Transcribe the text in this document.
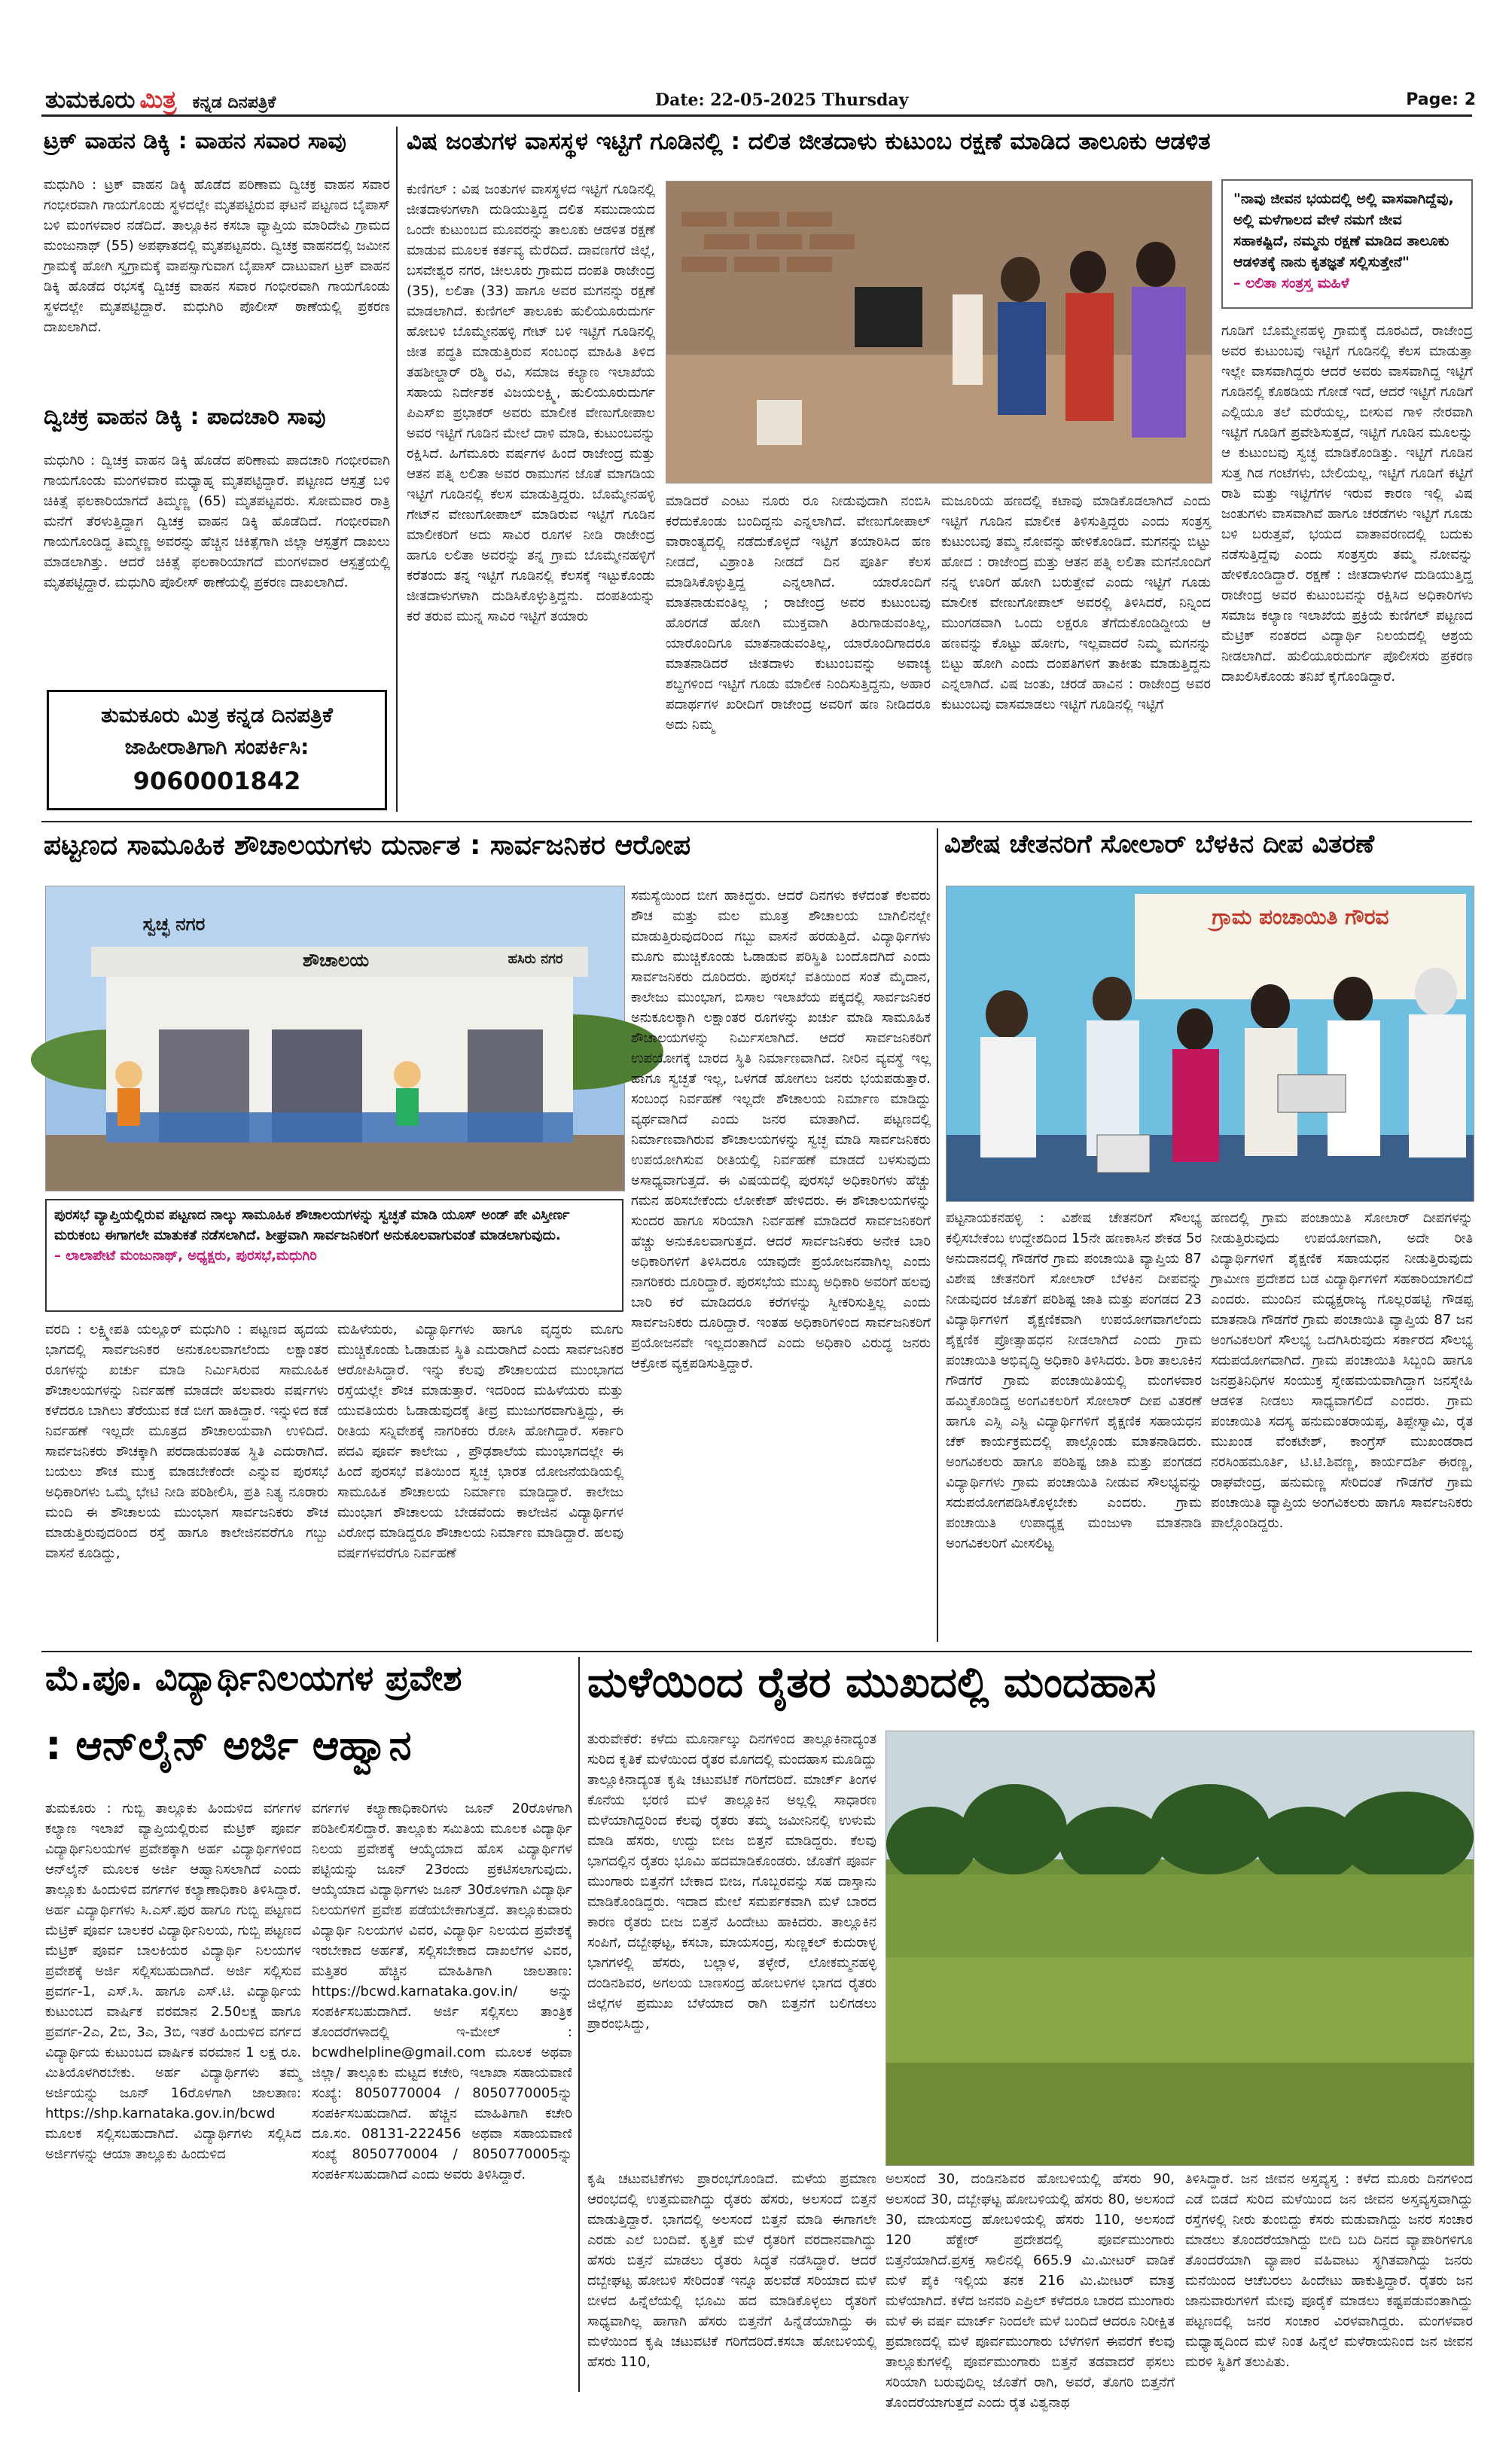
ತುಮಕೂರು ಮಿತ್ರ ಕನ್ನಡ ದಿನಪತ್ರಿಕೆ	Date: 22-05-2025 Thursday	Page: 2
ಟ್ರಕ್ ವಾಹನ ಡಿಕ್ಕಿ : ವಾಹನ ಸವಾರ ಸಾವು
ಮಧುಗಿರಿ : ಟ್ರಕ್ ವಾಹನ ಡಿಕ್ಕಿ ಹೊಡೆದ ಪರಿಣಾಮ ದ್ವಿಚಕ್ರ ವಾಹನ ಸವಾರ ಗಂಭೀರವಾಗಿ ಗಾಯಗೊಂಡು ಸ್ಥಳದಲ್ಲೇ ಮೃತಪಟ್ಟಿರುವ ಘಟನೆ ಪಟ್ಟಣದ ಬೈಪಾಸ್ ಬಳಿ ಮಂಗಳವಾರ ನಡೆದಿದೆ. ತಾಲ್ಲೂಕಿನ ಕಸಬಾ ವ್ಯಾಪ್ತಿಯ ಮಾರಿದೇವಿ ಗ್ರಾಮದ ಮಂಜುನಾಥ್ (55) ಅಪಘಾತದಲ್ಲಿ ಮೃತಪಟ್ಟವರು. ದ್ವಿಚಕ್ರ ವಾಹನದಲ್ಲಿ ಜಮೀನ ಗ್ರಾಮಕ್ಕೆ ಹೋಗಿ ಸ್ವಗ್ರಾಮಕ್ಕೆ ವಾಪಸ್ಸಾಗುವಾಗ ಬೈಪಾಸ್ ದಾಟುವಾಗ ಟ್ರಕ್ ವಾಹನ ಡಿಕ್ಕಿ ಹೊಡೆದ ರಭಸಕ್ಕೆ ದ್ವಿಚಕ್ರ ವಾಹನ ಸವಾರ ಗಂಭೀರವಾಗಿ ಗಾಯಗೊಂಡು ಸ್ಥಳದಲ್ಲೇ ಮೃತಪಟ್ಟಿದ್ದಾರೆ. ಮಧುಗಿರಿ ಪೊಲೀಸ್ ಠಾಣೆಯಲ್ಲಿ ಪ್ರಕರಣ ದಾಖಲಾಗಿದೆ.
ದ್ವಿಚಕ್ರ ವಾಹನ ಡಿಕ್ಕಿ : ಪಾದಚಾರಿ ಸಾವು
ಮಧುಗಿರಿ : ದ್ವಿಚಕ್ರ ವಾಹನ ಡಿಕ್ಕಿ ಹೊಡೆದ ಪರಿಣಾಮ ಪಾದಚಾರಿ ಗಂಭೀರವಾಗಿ ಗಾಯಗೊಂಡು ಮಂಗಳವಾರ ಮಧ್ಯಾಹ್ನ ಮೃತಪಟ್ಟಿದ್ದಾರೆ. ಪಟ್ಟಣದ ಆಸ್ಪತ್ರೆ ಬಳಿ ಚಿಕಿತ್ಸೆ ಫಲಕಾರಿಯಾಗದೆ ತಿಮ್ಮಣ್ಣ (65) ಮೃತಪಟ್ಟವರು. ಸೋಮವಾರ ರಾತ್ರಿ ಮನೆಗೆ ತೆರಳುತ್ತಿದ್ದಾಗ ದ್ವಿಚಕ್ರ ವಾಹನ ಡಿಕ್ಕಿ ಹೊಡೆದಿದೆ. ಗಂಭೀರವಾಗಿ ಗಾಯಗೊಂಡಿದ್ದ ತಿಮ್ಮಣ್ಣ ಅವರನ್ನು ಹೆಚ್ಚಿನ ಚಿಕಿತ್ಸೆಗಾಗಿ ಜಿಲ್ಲಾ ಆಸ್ಪತ್ರೆಗೆ ದಾಖಲು ಮಾಡಲಾಗಿತ್ತು. ಆದರೆ ಚಿಕಿತ್ಸೆ ಫಲಕಾರಿಯಾಗದೆ ಮಂಗಳವಾರ ಆಸ್ಪತ್ರೆಯಲ್ಲಿ ಮೃತಪಟ್ಟಿದ್ದಾರೆ. ಮಧುಗಿರಿ ಪೊಲೀಸ್ ಠಾಣೆಯಲ್ಲಿ ಪ್ರಕರಣ ದಾಖಲಾಗಿದೆ.
ತುಮಕೂರು ಮಿತ್ರ ಕನ್ನಡ ದಿನಪತ್ರಿಕೆ
ಜಾಹೀರಾತಿಗಾಗಿ ಸಂಪರ್ಕಿಸಿ:
9060001842
ವಿಷ ಜಂತುಗಳ ವಾಸಸ್ಥಳ ಇಟ್ಟಿಗೆ ಗೂಡಿನಲ್ಲಿ : ದಲಿತ ಜೀತದಾಳು ಕುಟುಂಬ ರಕ್ಷಣೆ ಮಾಡಿದ ತಾಲೂಕು ಆಡಳಿತ
ಕುಣಿಗಲ್ : ವಿಷ ಜಂತುಗಳ ವಾಸಸ್ಥಳದ ಇಟ್ಟಿಗೆ ಗೂಡಿನಲ್ಲಿ ಜೀತದಾಳುಗಳಾಗಿ ದುಡಿಯುತ್ತಿದ್ದ ದಲಿತ ಸಮುದಾಯದ ಒಂದೇ ಕುಟುಂಬದ ಮೂವರನ್ನು ತಾಲೂಕು ಆಡಳಿತ ರಕ್ಷಣೆ ಮಾಡುವ ಮೂಲಕ ಕರ್ತವ್ಯ ಮೆರೆದಿದೆ. ದಾವಣಗೆರೆ ಜಿಲ್ಲೆ, ಬಸವೇಶ್ವರ ನಗರ, ಚೀಲೂರು ಗ್ರಾಮದ ದಂಪತಿ ರಾಜೇಂದ್ರ (35), ಲಲಿತಾ (33) ಹಾಗೂ ಅವರ ಮಗನನ್ನು ರಕ್ಷಣೆ ಮಾಡಲಾಗಿದೆ. ಕುಣಿಗಲ್ ತಾಲೂಕು ಹುಲಿಯೂರುದುರ್ಗ ಹೋಬಳಿ ಬೊಮ್ಮೇನಹಳ್ಳಿ ಗೇಟ್ ಬಳಿ ಇಟ್ಟಿಗೆ ಗೂಡಿನಲ್ಲಿ ಜೀತ ಪದ್ಧತಿ ಮಾಡುತ್ತಿರುವ ಸಂಬಂಧ ಮಾಹಿತಿ ತಿಳಿದ ತಹಶೀಲ್ದಾರ್ ರಶ್ಮಿ ರವಿ, ಸಮಾಜ ಕಲ್ಯಾಣ ಇಲಾಖೆಯ ಸಹಾಯ ನಿರ್ದೇಶಕ ವಿಜಯಲಕ್ಷ್ಮಿ, ಹುಲಿಯೂರುದುರ್ಗ ಪಿಎಸ್‌ಐ ಪ್ರಭಾಕರ್ ಅವರು ಮಾಲೀಕ ವೇಣುಗೋಪಾಲ ಅವರ ಇಟ್ಟಿಗೆ ಗೂಡಿನ ಮೇಲೆ ದಾಳಿ ಮಾಡಿ, ಕುಟುಂಬವನ್ನು ರಕ್ಷಿಸಿದೆ. ಹಿಗೆಮೂರು ವರ್ಷಗಳ ಹಿಂದೆ ರಾಜೇಂದ್ರ ಮತ್ತು ಆತನ ಪತ್ನಿ ಲಲಿತಾ ಅವರ ರಾಮುಗನ ಜೊತೆ ಮಾಗಡಿಯ ಇಟ್ಟಿಗೆ ಗೂಡಿನಲ್ಲಿ ಕೆಲಸ ಮಾಡುತ್ತಿದ್ದರು. ಬೊಮ್ಮೇನಹಳ್ಳಿ ಗೇಟ್‌ನ ವೇಣುಗೋಪಾಲ್ ಮಾಡಿರುವ ಇಟ್ಟಿಗೆ ಗೂಡಿನ ಮಾಲೀಕರಿಗೆ ಅದು ಸಾವಿರ ರೂಗಳ ನೀಡಿ ರಾಜೇಂದ್ರ ಹಾಗೂ ಲಲಿತಾ ಅವರನ್ನು ತನ್ನ ಗ್ರಾಮ ಬೊಮ್ಮೇನಹಳ್ಳಿಗೆ ಕರೆತಂದು ತನ್ನ ಇಟ್ಟಿಗೆ ಗೂಡಿನಲ್ಲಿ ಕೆಲಸಕ್ಕೆ ಇಟ್ಟುಕೊಂಡು ಜೀತದಾಳುಗಳಾಗಿ ದುಡಿಸಿಕೊಳ್ಳುತ್ತಿದ್ದನು. ದಂಪತಿಯನ್ನು ಕರೆ ತರುವ ಮುನ್ನ ಸಾವಿರ ಇಟ್ಟಿಗೆ ತಯಾರು
"ನಾವು ಜೀವನ ಭಯದಲ್ಲಿ ಅಲ್ಲಿ ವಾಸವಾಗಿದ್ದೆವು, ಅಲ್ಲಿ ಮಳೆಗಾಲದ ವೇಳೆ ನಮಗೆ ಜೀವ ಸಹಾಕಷ್ಟಿದೆ, ನಮ್ಮನು ರಕ್ಷಣೆ ಮಾಡಿದ ತಾಲೂಕು ಆಡಳಿತಕ್ಕೆ ನಾನು ಕೃತಜ್ಞತೆ ಸಲ್ಲಿಸುತ್ತೇನೆ"
– ಲಲಿತಾ ಸಂತ್ರಸ್ತ ಮಹಿಳೆ
ಮಾಡಿದರೆ ಎಂಟು ನೂರು ರೂ ನೀಡುವುದಾಗಿ ನಂಬಿಸಿ ಕರೆದುಕೊಂಡು ಬಂದಿದ್ದನು ಎನ್ನಲಾಗಿದೆ. ವೇಣುಗೋಪಾಲ್ ವಾರಾಂತ್ಯದಲ್ಲಿ ನಡೆದುಕೊಳ್ಳದೆ ಇಟ್ಟಿಗೆ ತಯಾರಿಸಿದ ಹಣ ನೀಡದೆ, ವಿಶ್ರಾಂತಿ ನೀಡದೆ ದಿನ ಪೂರ್ತಿ ಕೆಲಸ ಮಾಡಿಸಿಕೊಳ್ಳುತ್ತಿದ್ದ ಎನ್ನಲಾಗಿದೆ. ಯಾರೊಂದಿಗೆ ಮಾತನಾಡುವಂತಿಲ್ಲ ; ರಾಜೇಂದ್ರ ಅವರ ಕುಟುಂಬವು ಹೊರಗಡೆ ಹೋಗಿ ಮುಕ್ತವಾಗಿ ತಿರುಗಾಡುವಂತಿಲ್ಲ, ಯಾರೊಂದಿಗೂ ಮಾತನಾಡುವಂತಿಲ್ಲ, ಯಾರೊಂದಿಗಾದರೂ ಮಾತನಾಡಿದರೆ ಜೀತದಾಳು ಕುಟುಂಬವನ್ನು ಅವಾಚ್ಯ ಶಬ್ದಗಳಿಂದ ಇಟ್ಟಿಗೆ ಗೂಡು ಮಾಲೀಕ ನಿಂದಿಸುತ್ತಿದ್ದನು, ಅಹಾರ ಪದಾರ್ಥಗಳ ಖರೀದಿಗೆ ರಾಜೇಂದ್ರ ಅವರಿಗೆ ಹಣ ನೀಡಿದರೂ ಅದು ನಿಮ್ಮ
ಮಜೂರಿಯ ಹಣದಲ್ಲಿ ಕಟಾವು ಮಾಡಿಕೊಡಲಾಗಿದೆ ಎಂದು ಇಟ್ಟಿಗೆ ಗೂಡಿನ ಮಾಲೀಕ ತಿಳಿಸುತ್ತಿದ್ದರು ಎಂದು ಸಂತ್ರಸ್ತ ಕುಟುಂಬವು ತಮ್ಮ ನೋವನ್ನು ಹೇಳಿಕೊಂಡಿದೆ. ಮಗನನ್ನು ಬಿಟ್ಟು ಹೋದ : ರಾಜೇಂದ್ರ ಮತ್ತು ಆತನ ಪತ್ನಿ ಲಲಿತಾ ಮಗನೊಂದಿಗೆ ನನ್ನ ಊರಿಗೆ ಹೋಗಿ ಬರುತ್ತೇವೆ ಎಂದು ಇಟ್ಟಿಗೆ ಗೂಡು ಮಾಲೀಕ ವೇಣುಗೋಪಾಲ್ ಅವರಲ್ಲಿ ತಿಳಿಸಿದರೆ, ನಿನ್ನಿಂದ ಮುಂಗಡವಾಗಿ ಒಂದು ಲಕ್ಷರೂ ತೆಗೆದುಕೊಂಡಿದ್ದೀಯ ಆ ಹಣವನ್ನು ಕೊಟ್ಟು ಹೋಗು, ಇಲ್ಲವಾದರೆ ನಿಮ್ಮ ಮಗನನ್ನು ಬಿಟ್ಟು ಹೋಗಿ ಎಂದು ದಂಪತಿಗಳಿಗೆ ತಾಕೀತು ಮಾಡುತ್ತಿದ್ದನು ಎನ್ನಲಾಗಿದೆ. ವಿಷ ಜಂತು, ಚರಡೆ ಹಾವಿನ : ರಾಜೇಂದ್ರ ಅವರ ಕುಟುಂಬವು ವಾಸಮಾಡಲು ಇಟ್ಟಿಗೆ ಗೂಡಿನಲ್ಲಿ ಇಟ್ಟಿಗೆ
ಗೂಡಿಗೆ ಬೊಮ್ಮೇನಹಳ್ಳಿ ಗ್ರಾಮಕ್ಕೆ ದೂರವಿದೆ, ರಾಜೇಂದ್ರ ಅವರ ಕುಟುಂಬವು ಇಟ್ಟಿಗೆ ಗೂಡಿನಲ್ಲಿ ಕೆಲಸ ಮಾಡುತ್ತಾ ಇಲ್ಲೇ ವಾಸವಾಗಿದ್ದರು ಆದರೆ ಅವರು ವಾಸವಾಗಿದ್ದ ಇಟ್ಟಿಗೆ ಗೂಡಿನಲ್ಲಿ ಕೊಠಡಿಯ ಗೋಡೆ ಇದೆ, ಆದರೆ ಇಟ್ಟಿಗೆ ಗೂಡಿಗೆ ಎಲ್ಲಿಯೂ ತಲೆ ಮರೆಯಲ್ಲ, ಬೀಸುವ ಗಾಳಿ ನೇರವಾಗಿ ಇಟ್ಟಿಗೆ ಗೂಡಿಗೆ ಪ್ರವೇಶಿಸುತ್ತದೆ, ಇಟ್ಟಿಗೆ ಗೂಡಿನ ಮೂಲನ್ನು ಆ ಕುಟುಂಬವು ಸ್ವಚ್ಛ ಮಾಡಿಕೊಂಡಿತ್ತು. ಇಟ್ಟಿಗೆ ಗೂಡಿನ ಸುತ್ತ ಗಿಡ ಗಂಟೆಗಳು, ಬೇಲಿಯಲ್ಲ, ಇಟ್ಟಿಗೆ ಗೂಡಿಗೆ ಕಟ್ಟಿಗೆ ರಾಶಿ ಮತ್ತು ಇಟ್ಟಿಗೆಗಳ ಇರುವ ಕಾರಣ ಇಲ್ಲಿ ವಿಷ ಜಂತುಗಳು ವಾಸವಾಗಿವೆ ಹಾಗೂ ಚರಡೆಗಳು ಇಟ್ಟಿಗೆ ಗೂಡು ಬಳಿ ಬರುತ್ತವೆ, ಭಯದ ವಾತಾವರಣದಲ್ಲಿ ಬದುಕು ನಡೆಸುತ್ತಿದ್ದೆವು ಎಂದು ಸಂತ್ರಸ್ತರು ತಮ್ಮ ನೋವನ್ನು ಹೇಳಿಕೊಂಡಿದ್ದಾರೆ. ರಕ್ಷಣೆ : ಜೀತದಾಳುಗಳ ದುಡಿಯುತ್ತಿದ್ದ ರಾಜೇಂದ್ರ ಅವರ ಕುಟುಂಬವನ್ನು ರಕ್ಷಿಸಿದ ಅಧಿಕಾರಿಗಳು ಸಮಾಜ ಕಲ್ಯಾಣ ಇಲಾಖೆಯ ಪ್ರಕ್ರಿಯೆ ಕುಣಿಗಲ್ ಪಟ್ಟಣದ ಮೆಟ್ರಿಕ್ ನಂತರದ ವಿದ್ಯಾರ್ಥಿ ನಿಲಯದಲ್ಲಿ ಆಶ್ರಯ ನೀಡಲಾಗಿದೆ. ಹುಲಿಯೂರುದುರ್ಗ ಪೊಲೀಸರು ಪ್ರಕರಣ ದಾಖಲಿಸಿಕೊಂಡು ತನಿಖೆ ಕೈಗೊಂಡಿದ್ದಾರೆ.
ಪಟ್ಟಣದ ಸಾಮೂಹಿಕ ಶೌಚಾಲಯಗಳು ದುರ್ನಾತ : ಸಾರ್ವಜನಿಕರ ಆರೋಪ
ಸ್ವಚ್ಛ ನಗರ
ಶೌಚಾಲಯ	ಹಸಿರು ನಗರ
ಸಮಸ್ಯೆಯಿಂದ ಬೀಗ ಹಾಕಿದ್ದರು. ಆದರೆ ದಿನಗಳು ಕಳೆದಂತೆ ಕೆಲವರು ಶೌಚ ಮತ್ತು ಮಲ ಮೂತ್ರ ಶೌಚಾಲಯ ಬಾಗಿಲಿನಲ್ಲೇ ಮಾಡುತ್ತಿರುವುದರಿಂದ ಗಬ್ಬು ವಾಸನೆ ಹರಡುತ್ತಿದೆ. ವಿದ್ಯಾರ್ಥಿಗಳು ಮೂಗು ಮುಚ್ಚಿಕೊಂಡು ಓಡಾಡುವ ಪರಿಸ್ಥಿತಿ ಬಂದೊದಗಿದೆ ಎಂದು ಸಾರ್ವಜನಿಕರು ದೂರಿದರು. ಪುರಸಭೆ ವತಿಯಿಂದ ಸಂತೆ ಮೈದಾನ, ಕಾಲೇಜು ಮುಂಭಾಗ, ಬಿಸಾಲ ಇಲಾಖೆಯ ಪಕ್ಕದಲ್ಲಿ ಸಾರ್ವಜನಿಕರ ಅನುಕೂಲಕ್ಕಾಗಿ ಲಕ್ಷಾಂತರ ರೂಗಳನ್ನು ಖರ್ಚು ಮಾಡಿ ಸಾಮೂಹಿಕ ಶೌಚಾಲಯಗಳನ್ನು ನಿರ್ಮಿಸಲಾಗಿದೆ. ಆದರೆ ಸಾರ್ವಜನಿಕರಿಗೆ ಉಪಯೋಗಕ್ಕೆ ಬಾರದ ಸ್ಥಿತಿ ನಿರ್ಮಾಣವಾಗಿದೆ. ನೀರಿನ ವ್ಯವಸ್ಥೆ ಇಲ್ಲ ಹಾಗೂ ಸ್ವಚ್ಛತೆ ಇಲ್ಲ, ಒಳಗಡೆ ಹೋಗಲು ಜನರು ಭಯಪಡುತ್ತಾರೆ. ಸಂಬಂಧ ನಿರ್ವಹಣೆ ಇಲ್ಲದೇ ಶೌಚಾಲಯ ನಿರ್ಮಾಣ ಮಾಡಿದ್ದು ವ್ಯರ್ಥವಾಗಿದೆ ಎಂದು ಜನರ ಮಾತಾಗಿದೆ. ಪಟ್ಟಣದಲ್ಲಿ ನಿರ್ಮಾಣವಾಗಿರುವ ಶೌಚಾಲಯಗಳನ್ನು ಸ್ವಚ್ಛ ಮಾಡಿ ಸಾರ್ವಜನಿಕರು ಉಪಯೋಗಿಸುವ ರೀತಿಯಲ್ಲಿ ನಿರ್ವಹಣೆ ಮಾಡದೆ ಬಳಸುವುದು ಅಸಾಧ್ಯವಾಗುತ್ತದೆ. ಈ ವಿಷಯದಲ್ಲಿ ಪುರಸಭೆ ಅಧಿಕಾರಿಗಳು ಹೆಚ್ಚು ಗಮನ ಹರಿಸಬೇಕೆಂದು ಲೋಕೇಶ್ ಹೇಳಿದರು. ಈ ಶೌಚಾಲಯಗಳನ್ನು ಸುಂದರ ಹಾಗೂ ಸರಿಯಾಗಿ ನಿರ್ವಹಣೆ ಮಾಡಿದರೆ ಸಾರ್ವಜನಿಕರಿಗೆ ಹೆಚ್ಚು ಅನುಕೂಲವಾಗುತ್ತದೆ. ಆದರೆ ಸಾರ್ವಜನಿಕರು ಅನೇಕ ಬಾರಿ ಅಧಿಕಾರಿಗಳಿಗೆ ತಿಳಿಸಿದರೂ ಯಾವುದೇ ಪ್ರಯೋಜನವಾಗಿಲ್ಲ ಎಂದು ನಾಗರಿಕರು ದೂರಿದ್ದಾರೆ. ಪುರಸಭೆಯ ಮುಖ್ಯ ಅಧಿಕಾರಿ ಅವರಿಗೆ ಹಲವು ಬಾರಿ ಕರೆ ಮಾಡಿದರೂ ಕರೆಗಳನ್ನು ಸ್ವೀಕರಿಸುತ್ತಿಲ್ಲ ಎಂದು ಸಾರ್ವಜನಿಕರು ದೂರಿದ್ದಾರೆ. ಇಂತಹ ಅಧಿಕಾರಿಗಳಿಂದ ಸಾರ್ವಜನಿಕರಿಗೆ ಪ್ರಯೋಜನವೇ ಇಲ್ಲದಂತಾಗಿದೆ ಎಂದು ಅಧಿಕಾರಿ ವಿರುದ್ಧ ಜನರು ಆಕ್ರೋಶ ವ್ಯಕ್ತಪಡಿಸುತ್ತಿದ್ದಾರೆ.
ಪುರಸಭೆ ವ್ಯಾಪ್ತಿಯಲ್ಲಿರುವ ಪಟ್ಟಣದ ನಾಲ್ಕು ಸಾಮೂಹಿಕ ಶೌಚಾಲಯಗಳನ್ನು ಸ್ವಚ್ಛತೆ ಮಾಡಿ ಯೂಸ್ ಅಂಡ್ ಪೇ ವಿಸ್ತೀರ್ಣ ಮರುಕಂಬ ಈಗಾಗಲೇ ಮಾತುಕತೆ ನಡೆಸಲಾಗಿದೆ. ಶೀಘ್ರವಾಗಿ ಸಾರ್ವಜನಿಕರಿಗೆ ಅನುಕೂಲವಾಗುವಂತೆ ಮಾಡಲಾಗುವುದು.
– ಲಾಲಾಪೇಟೆ ಮಂಜುನಾಥ್, ಅಧ್ಯಕ್ಷರು, ಪುರಸಭೆ,ಮಧುಗಿರಿ
ವರದಿ : ಲಕ್ಷ್ಮೀಪತಿ ಯಲ್ಲೂರ್ ಮಧುಗಿರಿ : ಪಟ್ಟಣದ ಹೃದಯ ಭಾಗದಲ್ಲಿ ಸಾರ್ವಜನಿಕರ ಅನುಕೂಲವಾಗಲೆಂದು ಲಕ್ಷಾಂತರ ರೂಗಳನ್ನು ಖರ್ಚು ಮಾಡಿ ನಿರ್ಮಿಸಿರುವ ಸಾಮೂಹಿಕ ಶೌಚಾಲಯಗಳನ್ನು ನಿರ್ವಹಣೆ ಮಾಡದೇ ಹಲವಾರು ವರ್ಷಗಳು ಕಳೆದರೂ ಬಾಗಿಲು ತೆರೆಯುವ ಕಡೆ ಬೀಗ ಹಾಕಿದ್ದಾರೆ. ಇನ್ನುಳಿದ ಕಡೆ ನಿರ್ವಹಣೆ ಇಲ್ಲದೇ ಮೂತ್ರದ ಶೌಚಾಲಯವಾಗಿ ಉಳಿದಿದೆ. ಸಾರ್ವಜನಿಕರು ಶೌಚಕ್ಕಾಗಿ ಪರದಾಡುವಂತಹ ಸ್ಥಿತಿ ಎದುರಾಗಿದೆ. ಬಯಲು ಶೌಚ ಮುಕ್ತ ಮಾಡಬೇಕೆಂದೇ ಎನ್ನುವ ಪುರಸಭೆ ಅಧಿಕಾರಿಗಳು ಒಮ್ಮೆ ಭೇಟಿ ನೀಡಿ ಪರಿಶೀಲಿಸಿ, ಪ್ರತಿ ನಿತ್ಯ ನೂರಾರು ಮಂದಿ ಈ ಶೌಚಾಲಯ ಮುಂಭಾಗ ಸಾರ್ವಜನಿಕರು ಶೌಚ ಮಾಡುತ್ತಿರುವುದರಿಂದ ರಸ್ತೆ ಹಾಗೂ ಕಾಲೇಜಿನವರೆಗೂ ಗಬ್ಬು ವಾಸನೆ ಕೂಡಿದ್ದು,
ಮಹಿಳೆಯರು, ವಿದ್ಯಾರ್ಥಿಗಳು ಹಾಗೂ ವೃದ್ಧರು ಮೂಗು ಮುಚ್ಚಿಕೊಂಡು ಓಡಾಡುವ ಸ್ಥಿತಿ ಎದುರಾಗಿದೆ ಎಂದು ಸಾರ್ವಜನಿಕರ ಆರೋಪಿಸಿದ್ದಾರೆ. ಇನ್ನು ಕೆಲವು ಶೌಚಾಲಯದ ಮುಂಭಾಗದ ರಸ್ತೆಯಲ್ಲೇ ಶೌಚ ಮಾಡುತ್ತಾರೆ. ಇದರಿಂದ ಮಹಿಳೆಯರು ಮತ್ತು ಯುವತಿಯರು ಓಡಾಡುವುದಕ್ಕೆ ತೀವ್ರ ಮುಜುಗರವಾಗುತ್ತಿದ್ದು, ಈ ರೀತಿಯ ಸನ್ನಿವೇಶಕ್ಕೆ ನಾಗರಿಕರು ರೋಸಿ ಹೋಗಿದ್ದಾರೆ. ಸರ್ಕಾರಿ ಪದವಿ ಪೂರ್ವ ಕಾಲೇಜು , ಪ್ರೌಢಶಾಲೆಯ ಮುಂಭಾಗದಲ್ಲೇ ಈ ಹಿಂದೆ ಪುರಸಭೆ ವತಿಯಿಂದ ಸ್ವಚ್ಛ ಭಾರತ ಯೋಜನೆಯಡಿಯಲ್ಲಿ ಸಾಮೂಹಿಕ ಶೌಚಾಲಯ ನಿರ್ಮಾಣ ಮಾಡಿದ್ದಾರೆ. ಕಾಲೇಜು ಮುಂಭಾಗ ಶೌಚಾಲಯ ಬೇಡವೆಂದು ಕಾಲೇಜಿನ ವಿದ್ಯಾರ್ಥಿಗಳ ವಿರೋಧ ಮಾಡಿದ್ದರೂ ಶೌಚಾಲಯ ನಿರ್ಮಾಣ ಮಾಡಿದ್ದಾರೆ. ಹಲವು ವರ್ಷಗಳವರೆಗೂ ನಿರ್ವಹಣೆ
ವಿಶೇಷ ಚೇತನರಿಗೆ ಸೋಲಾರ್ ಬೆಳಕಿನ ದೀಪ ವಿತರಣೆ
ಗ್ರಾಮ ಪಂಚಾಯಿತಿ ಗೌರವ
ಪಟ್ಟನಾಯಕನಹಳ್ಳಿ : ವಿಶೇಷ ಚೇತನರಿಗೆ ಸೌಲಭ್ಯ ಕಲ್ಪಿಸಬೇಕೆಂಬ ಉದ್ದೇಶದಿಂದ 15ನೇ ಹಣಕಾಸಿನ ಶೇಕಡ 5ರ ಅನುದಾನದಲ್ಲಿ ಗೌಡಗೆರೆ ಗ್ರಾಮ ಪಂಚಾಯಿತಿ ವ್ಯಾಪ್ತಿಯ 87 ವಿಶೇಷ ಚೇತನರಿಗೆ ಸೋಲಾರ್ ಬೆಳಕಿನ ದೀಪವನ್ನು ನೀಡುವುದರ ಜೊತೆಗೆ ಪರಿಶಿಷ್ಟ ಜಾತಿ ಮತ್ತು ಪಂಗಡದ 23 ವಿದ್ಯಾರ್ಥಿಗಳಿಗೆ ಶೈಕ್ಷಣಿಕವಾಗಿ ಉಪಯೋಗವಾಗಲೆಂದು ಶೈಕ್ಷಣಿಕ ಪ್ರೋತ್ಸಾಹಧನ ನೀಡಲಾಗಿದೆ ಎಂದು ಗ್ರಾಮ ಪಂಚಾಯಿತಿ ಅಭಿವೃದ್ಧಿ ಅಧಿಕಾರಿ ತಿಳಿಸಿದರು. ಶಿರಾ ತಾಲೂಕಿನ ಗೌಡಗೆರೆ ಗ್ರಾಮ ಪಂಚಾಯಿತಿಯಲ್ಲಿ ಮಂಗಳವಾರ ಹಮ್ಮಿಕೊಂಡಿದ್ದ ಅಂಗವಿಕಲರಿಗೆ ಸೋಲಾರ್ ದೀಪ ವಿತರಣೆ ಹಾಗೂ ಎಸ್ಸಿ ಎಸ್ಟಿ ವಿದ್ಯಾರ್ಥಿಗಳಿಗೆ ಶೈಕ್ಷಣಿಕ ಸಹಾಯಧನ ಚೆಕ್ ಕಾರ್ಯಕ್ರಮದಲ್ಲಿ ಪಾಲ್ಗೊಂಡು ಮಾತನಾಡಿದರು. ಅಂಗವಿಕಲರು ಹಾಗೂ ಪರಿಶಿಷ್ಟ ಜಾತಿ ಮತ್ತು ಪಂಗಡದ ವಿದ್ಯಾರ್ಥಿಗಳು ಗ್ರಾಮ ಪಂಚಾಯಿತಿ ನೀಡುವ ಸೌಲಭ್ಯವನ್ನು ಸದುಪಯೋಗಪಡಿಸಿಕೊಳ್ಳಬೇಕು ಎಂದರು. ಗ್ರಾಮ ಪಂಚಾಯಿತಿ ಉಪಾಧ್ಯಕ್ಷ ಮಂಜುಳಾ ಮಾತನಾಡಿ ಅಂಗವಿಕಲರಿಗೆ ಮೀಸಲಿಟ್ಟ
ಹಣದಲ್ಲಿ ಗ್ರಾಮ ಪಂಚಾಯಿತಿ ಸೋಲಾರ್ ದೀಪಗಳನ್ನು ನೀಡುತ್ತಿರುವುದು ಉಪಯೋಗವಾಗಿ, ಅದೇ ರೀತಿ ವಿದ್ಯಾರ್ಥಿಗಳಿಗೆ ಶೈಕ್ಷಣಿಕ ಸಹಾಯಧನ ನೀಡುತ್ತಿರುವುದು ಗ್ರಾಮೀಣ ಪ್ರದೇಶದ ಬಡ ವಿದ್ಯಾರ್ಥಿಗಳಿಗೆ ಸಹಕಾರಿಯಾಗಲಿದೆ ಎಂದರು. ಮುಂದಿನ ಮಧ್ಯಕ್ಷರಾಜ್ಯ ಗೊಲ್ಲರಹಟ್ಟಿ ಗೌಡಪ್ಪ ಮಾತನಾಡಿ ಗೌಡಗೆರೆ ಗ್ರಾಮ ಪಂಚಾಯಿತಿ ವ್ಯಾಪ್ತಿಯ 87 ಜನ ಅಂಗವಿಕಲರಿಗೆ ಸೌಲಭ್ಯ ಒದಗಿಸಿರುವುದು ಸರ್ಕಾರದ ಸೌಲಭ್ಯ ಸದುಪಯೋಗವಾಗಿದೆ. ಗ್ರಾಮ ಪಂಚಾಯಿತಿ ಸಿಬ್ಬಂದಿ ಹಾಗೂ ಜನಪ್ರತಿನಿಧಿಗಳ ಸಂಯುಕ್ತ ಸ್ನೇಹಮಯವಾಗಿದ್ದಾಗ ಜನಸ್ನೇಹಿ ಆಡಳಿತ ನೀಡಲು ಸಾಧ್ಯವಾಗಲಿದೆ ಎಂದರು. ಗ್ರಾಮ ಪಂಚಾಯಿತಿ ಸದಸ್ಯ ಹನುಮಂತರಾಯಪ್ಪ, ತಿಪ್ಪೇಸ್ವಾಮಿ, ರೈತ ಮುಖಂಡ ವೆಂಕಟೇಶ್, ಕಾಂಗ್ರೆಸ್ ಮುಖಂಡರಾದ ನರಸಿಂಹಮೂರ್ತಿ, ಟಿ.ಟಿ.ಶಿವಣ್ಣ, ಕಾರ್ಯದರ್ಶಿ ಈರಣ್ಣ, ರಾಘವೇಂದ್ರ, ಹನುಮಣ್ಣ ಸೇರಿದಂತೆ ಗೌಡಗೆರೆ ಗ್ರಾಮ ಪಂಚಾಯಿತಿ ವ್ಯಾಪ್ತಿಯ ಅಂಗವಿಕಲರು ಹಾಗೂ ಸಾರ್ವಜನಿಕರು ಪಾಲ್ಗೊಂಡಿದ್ದರು.
ಮೆ.ಪೂ. ವಿದ್ಯಾರ್ಥಿನಿಲಯಗಳ ಪ್ರವೇಶ
: ಆನ್‌ಲೈನ್ ಅರ್ಜಿ ಆಹ್ವಾನ
ತುಮಕೂರು : ಗುಬ್ಬಿ ತಾಲ್ಲೂಕು ಹಿಂದುಳಿದ ವರ್ಗಗಳ ಕಲ್ಯಾಣ ಇಲಾಖೆ ವ್ಯಾಪ್ತಿಯಲ್ಲಿರುವ ಮೆಟ್ರಿಕ್ ಪೂರ್ವ ವಿದ್ಯಾರ್ಥಿನಿಲಯಗಳ ಪ್ರವೇಶಕ್ಕಾಗಿ ಅರ್ಹ ವಿದ್ಯಾರ್ಥಿಗಳಿಂದ ಆನ್‌ಲೈನ್ ಮೂಲಕ ಅರ್ಜಿ ಆಹ್ವಾನಿಸಲಾಗಿದೆ ಎಂದು ತಾಲ್ಲೂಕು ಹಿಂದುಳಿದ ವರ್ಗಗಳ ಕಲ್ಯಾಣಾಧಿಕಾರಿ ತಿಳಿಸಿದ್ದಾರೆ. ಅರ್ಹ ವಿದ್ಯಾರ್ಥಿಗಳು ಸಿ.ಎಸ್.ಪುರ ಹಾಗೂ ಗುಬ್ಬಿ ಪಟ್ಟಣದ ಮೆಟ್ರಿಕ್ ಪೂರ್ವ ಬಾಲಕರ ವಿದ್ಯಾರ್ಥಿನಿಲಯ, ಗುಬ್ಬಿ ಪಟ್ಟಣದ ಮೆಟ್ರಿಕ್ ಪೂರ್ವ ಬಾಲಕಿಯರ ವಿದ್ಯಾರ್ಥಿ ನಿಲಯಗಳ ಪ್ರವೇಶಕ್ಕೆ ಅರ್ಜಿ ಸಲ್ಲಿಸಬಹುದಾಗಿದೆ. ಅರ್ಜಿ ಸಲ್ಲಿಸುವ ಪ್ರವರ್ಗ-1, ಎಸ್.ಸಿ. ಹಾಗೂ ಎಸ್.ಟಿ. ವಿದ್ಯಾರ್ಥಿಯ ಕುಟುಂಬದ ವಾರ್ಷಿಕ ವರಮಾನ 2.50ಲಕ್ಷ ಹಾಗೂ ಪ್ರವರ್ಗ-2ಎ, 2ಬಿ, 3ಎ, 3ಬಿ, ಇತರೆ ಹಿಂದುಳಿದ ವರ್ಗದ ವಿದ್ಯಾರ್ಥಿಯ ಕುಟುಂಬದ ವಾರ್ಷಿಕ ವರಮಾನ 1 ಲಕ್ಷ ರೂ. ಮಿತಿಯೊಳಗಿರಬೇಕು. ಅರ್ಹ ವಿದ್ಯಾರ್ಥಿಗಳು ತಮ್ಮ ಅರ್ಜಿಯನ್ನು ಜೂನ್ 16ರೊಳಗಾಗಿ ಜಾಲತಾಣ: https://shp.karnataka.gov.in/bcwd ಮೂಲಕ ಸಲ್ಲಿಸಬಹುದಾಗಿದೆ. ವಿದ್ಯಾರ್ಥಿಗಳು ಸಲ್ಲಿಸಿದ ಅರ್ಜಿಗಳನ್ನು ಆಯಾ ತಾಲ್ಲೂಕು ಹಿಂದುಳಿದ
ವರ್ಗಗಳ ಕಲ್ಯಾಣಾಧಿಕಾರಿಗಳು ಜೂನ್ 20ರೊಳಗಾಗಿ ಪರಿಶೀಲಿಸಲಿದ್ದಾರೆ. ತಾಲ್ಲೂಕು ಸಮಿತಿಯ ಮೂಲಕ ವಿದ್ಯಾರ್ಥಿ ನಿಲಯ ಪ್ರವೇಶಕ್ಕೆ ಆಯ್ಕೆಯಾದ ಹೊಸ ವಿದ್ಯಾರ್ಥಿಗಳ ಪಟ್ಟಿಯನ್ನು ಜೂನ್ 23ರಂದು ಪ್ರಕಟಿಸಲಾಗುವುದು. ಆಯ್ಕೆಯಾದ ವಿದ್ಯಾರ್ಥಿಗಳು ಜೂನ್ 30ರೊಳಗಾಗಿ ವಿದ್ಯಾರ್ಥಿ ನಿಲಯಗಳಿಗೆ ಪ್ರವೇಶ ಪಡೆಯಬೇಕಾಗುತ್ತದೆ. ತಾಲ್ಲೂಕುವಾರು ವಿದ್ಯಾರ್ಥಿ ನಿಲಯಗಳ ವಿವರ, ವಿದ್ಯಾರ್ಥಿ ನಿಲಯದ ಪ್ರವೇಶಕ್ಕೆ ಇರಬೇಕಾದ ಅರ್ಹತೆ, ಸಲ್ಲಿಸಬೇಕಾದ ದಾಖಲೆಗಳ ವಿವರ, ಮತ್ತಿತರ ಹೆಚ್ಚಿನ ಮಾಹಿತಿಗಾಗಿ ಜಾಲತಾಣ: https://bcwd.karnataka.gov.in/ ಅನ್ನು ಸಂಪರ್ಕಿಸಬಹುದಾಗಿದೆ. ಅರ್ಜಿ ಸಲ್ಲಿಸಲು ತಾಂತ್ರಿಕ ತೊಂದರೆಗಳಾದಲ್ಲಿ ಇ-ಮೇಲ್ : bcwdhelpline@gmail.com ಮೂಲಕ ಅಥವಾ ಜಿಲ್ಲಾ/ ತಾಲ್ಲೂಕು ಮಟ್ಟದ ಕಚೇರಿ, ಇಲಾಖಾ ಸಹಾಯವಾಣಿ ಸಂಖ್ಯೆ: 8050770004 / 8050770005ನ್ನು ಸಂಪರ್ಕಿಸಬಹುದಾಗಿದೆ. ಹೆಚ್ಚಿನ ಮಾಹಿತಿಗಾಗಿ ಕಚೇರಿ ದೂ.ಸಂ. 08131-222456 ಅಥವಾ ಸಹಾಯವಾಣಿ ಸಂಖ್ಯೆ 8050770004 / 8050770005ನ್ನು ಸಂಪರ್ಕಿಸಬಹುದಾಗಿದೆ ಎಂದು ಅವರು ತಿಳಿಸಿದ್ದಾರೆ.
ಮಳೆಯಿಂದ ರೈತರ ಮುಖದಲ್ಲಿ ಮಂದಹಾಸ
ತುರುವೇಕೆರೆ: ಕಳೆದು ಮೂರ್ನಾಲ್ಕು ದಿನಗಳಿಂದ ತಾಲ್ಲೂಕಿನಾದ್ಯಂತ ಸುರಿದ ಕೃತಿಕೆ ಮಳೆಯಿಂದ ರೈತರ ಮೊಗದಲ್ಲಿ ಮಂದಹಾಸ ಮೂಡಿದ್ದು ತಾಲ್ಲೂಕಿನಾದ್ಯಂತ ಕೃಷಿ ಚಟುವಟಿಕೆ ಗರಿಗೆದರಿದೆ. ಮಾರ್ಚ್ ತಿಂಗಳ ಕೊನೆಯ ಭರಣಿ ಮಳೆ ತಾಲ್ಲೂಕಿನ ಅಲ್ಲಲ್ಲಿ ಸಾಧಾರಣ ಮಳೆಯಾಗಿದ್ದರಿಂದ ಕೆಲವು ರೈತರು ತಮ್ಮ ಜಮೀನಿನಲ್ಲಿ ಉಳುಮೆ ಮಾಡಿ ಹೆಸರು, ಉದ್ದು ಬೀಜ ಬಿತ್ತನೆ ಮಾಡಿದ್ದರು. ಕೆಲವು ಭಾಗದಲ್ಲಿನ ರೈತರು ಭೂಮಿ ಹದಮಾಡಿಕೊಂಡರು. ಜೊತೆಗೆ ಪೂರ್ವ ಮುಂಗಾರು ಬಿತ್ತನೆಗೆ ಬೇಕಾದ ಬೀಜ, ಗೊಬ್ಬರವನ್ನು ಸಹ ದಾಸ್ತಾನು ಮಾಡಿಕೊಂಡಿದ್ದರು. ಇದಾದ ಮೇಲೆ ಸಮರ್ಪಕವಾಗಿ ಮಳೆ ಬಾರದ ಕಾರಣ ರೈತರು ಬೀಜ ಬಿತ್ತನೆ ಹಿಂದೇಟು ಹಾಕಿದರು. ತಾಲ್ಲೂಕಿನ ಸಂಪಿಗೆ, ದಬ್ಬೇಘಟ್ಟ, ಕಸಬಾ, ಮಾಯಸಂದ್ರ, ಸುಣ್ಣಕಲ್ ಕುದುರಾಳ್ಳ ಭಾಗಗಳಲ್ಲಿ ಹೆಸರು, ಬಲ್ಲಾಳ, ತಳ್ಳೇರೆ, ಲೋಕಮ್ಮನಹಳ್ಳಿ ದಂಡಿನಶಿವರ, ಅಗಲಯ ಬಾಣಸಂದ್ರ ಹೋಬಳಿಗಳ ಭಾಗದ ರೈತರು ಜಿಲ್ಲೆಗಳ ಪ್ರಮುಖ ಬೆಳೆಯಾದ ರಾಗಿ ಬಿತ್ತನೆಗೆ ಬಲಿಗಡಲು ಪ್ರಾರಂಭಿಸಿದ್ದು,
ಕೃಷಿ ಚಟುವಟಿಕೆಗಳು ಪ್ರಾರಂಭಗೊಂಡಿದೆ. ಮಳೆಯ ಪ್ರಮಾಣ ಆರಂಭದಲ್ಲಿ ಉತ್ತಮವಾಗಿದ್ದು ರೈತರು ಹೆಸರು, ಅಲಸಂದೆ ಬಿತ್ತನೆ ಮಾಡುತ್ತಿದ್ದಾರೆ. ಭಾಗದಲ್ಲಿ ಅಲಸಂದೆ ಬಿತ್ತನೆ ಮಾಡಿ ಈಗಾಗಲೇ ಎರಡು ಎಲೆ ಬಂದಿವೆ. ಕೃತ್ತಿಕೆ ಮಳೆ ರೈತರಿಗೆ ವರದಾನವಾಗಿದ್ದು ಹೆಸರು ಬಿತ್ತನೆ ಮಾಡಲು ರೈತರು ಸಿದ್ಧತೆ ನಡೆಸಿದ್ದಾರೆ. ಆದರೆ ದಬ್ಬೇಘಟ್ಟ ಹೋಬಳಿ ಸೇರಿದಂತೆ ಇನ್ನೂ ಹಲವೆಡೆ ಸರಿಯಾದ ಮಳೆ ಬೀಳದ ಹಿನ್ನೆಲೆಯಲ್ಲಿ ಭೂಮಿ ಹದ ಮಾಡಿಕೊಳ್ಳಲು ರೈತರಿಗೆ ಸಾಧ್ಯವಾಗಿಲ್ಲ ಹಾಗಾಗಿ ಹೆಸರು ಬಿತ್ತನೆಗೆ ಹಿನ್ನೆಡೆಯಾಗಿದ್ದು ಈ ಮಳೆಯಿಂದ ಕೃಷಿ ಚಟುವಟಿಕೆ ಗರಿಗೆದರಿದೆ.ಕಸಬಾ ಹೋಬಳಿಯಲ್ಲಿ ಹೆಸರು 110,
ಅಲಸಂದೆ 30, ದಂಡಿನಶಿವರ ಹೋಬಳಿಯಲ್ಲಿ ಹೆಸರು 90, ಅಲಸಂದೆ 30, ದಬ್ಬೇಘಟ್ಟ ಹೋಬಳಿಯಲ್ಲಿ ಹೆಸರು 80, ಅಲಸಂದೆ 30, ಮಾಯಸಂದ್ರ ಹೋಬಳಿಯಲ್ಲಿ ಹೆಸರು 110, ಅಲಸಂದೆ 120 ಹೆಕ್ಟೇರ್ ಪ್ರದೇಶದಲ್ಲಿ ಪೂರ್ವಮುಂಗಾರು ಬಿತ್ತನೆಯಾಗಿದೆ.ಪ್ರಸಕ್ತ ಸಾಲಿನಲ್ಲಿ 665.9 ಮಿ.ಮೀಟರ್ ವಾಡಿಕೆ ಮಳೆ ಪೈಕಿ ಇಲ್ಲಿಯ ತನಕ 216 ಮಿ.ಮೀಟರ್ ಮಾತ್ರ ಮಳೆಯಾಗಿದೆ. ಕಳೆದ ಜನವರಿ ಎಪ್ರಿಲ್ ಕಳೆದರೂ ಬಾರದ ಮುಂಗಾರು ಮಳೆ ಈ ವರ್ಷ ಮಾರ್ಚ್ ನಿಂದಲೇ ಮಳೆ ಬಂದಿದೆ ಆದರೂ ನಿರೀಕ್ಷಿತ ಪ್ರಮಾಣದಲ್ಲಿ ಮಳೆ ಪೂರ್ವಮುಂಗಾರು ಬೆಳೆಗಳಿಗೆ ಈವರೆಗೆ ಕೆಲವು ತಾಲ್ಲೂಕುಗಳಲ್ಲಿ ಪೂರ್ವಮುಂಗಾರು ಬಿತ್ತನೆ ತಡವಾದರೆ ಫಸಲು ಸರಿಯಾಗಿ ಬರುವುದಿಲ್ಲ ಜೊತೆಗೆ ರಾಗಿ, ಅವರೆ, ತೊಗರಿ ಬಿತ್ತನೆಗೆ ತೊಂದರೆಯಾಗುತ್ತದೆ ಎಂದು ರೈತ ವಿಶ್ವನಾಥ
ತಿಳಿಸಿದ್ದಾರೆ. ಜನ ಜೀವನ ಅಸ್ತವ್ಯಸ್ತ : ಕಳೆದ ಮೂರು ದಿನಗಳಿಂದ ಎಡೆ ಬಿಡದೆ ಸುರಿದ ಮಳೆಯಿಂದ ಜನ ಜೀವನ ಅಸ್ತವ್ಯಸ್ತವಾಗಿದ್ದು ರಸ್ತೆಗಳಲ್ಲಿ ನೀರು ತುಂಬಿದ್ದು ಕೆಸರು ಮಡುವಾಗಿದ್ದು ಜನರ ಸಂಚಾರ ಮಾಡಲು ತೊಂದರೆಯಾಗಿದ್ದು ಬೀದಿ ಬದಿ ದಿನದ ವ್ಯಾಪಾರಿಗಳಿಗೂ ತೊಂದರೆಯಾಗಿ ವ್ಯಾಪಾರ ವಹಿವಾಟು ಸ್ಥಗಿತವಾಗಿದ್ದು ಜನರು ಮನೆಯಿಂದ ಆಚೆಬರಲು ಹಿಂದೇಟು ಹಾಕುತ್ತಿದ್ದಾರೆ. ರೈತರು ಜನ ಜಾನುವಾರುಗಳಿಗೆ ಮೇವು ಪೂರೈಕೆ ಮಾಡಲು ಕಷ್ಟಪಡುವಂತಾಗಿದ್ದು ಪಟ್ಟಣದಲ್ಲಿ ಜನರ ಸಂಚಾರ ವಿರಳವಾಗಿದ್ದರು. ಮಂಗಳವಾರ ಮಧ್ಯಾಹ್ನದಿಂದ ಮಳೆ ನಿಂತ ಹಿನ್ನೆಲೆ ಮಳೆರಾಯನಿಂದ ಜನ ಜೀವನ ಮರಳಿ ಸ್ಥಿತಿಗೆ ತಲುಪಿತು.
